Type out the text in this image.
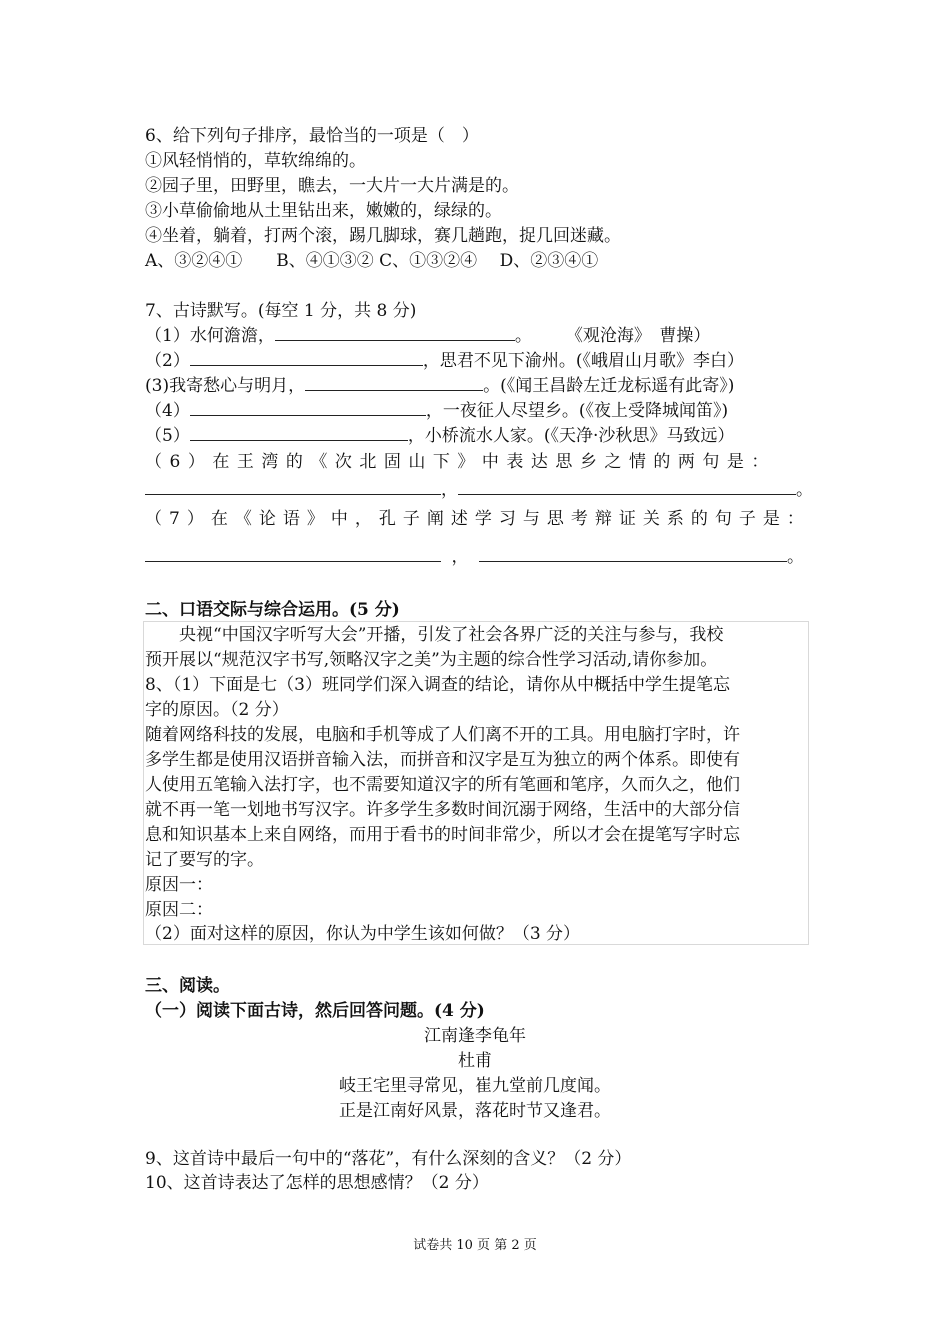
6、给下列句子排序，最恰当的一项是（　）
①风轻悄悄的，草软绵绵的。
②园子里，田野里，瞧去，一大片一大片满是的。
③小草偷偷地从土里钻出来，嫩嫩的，绿绿的。
④坐着，躺着，打两个滚，踢几脚球，赛几趟跑，捉几回迷藏。
A、③②④①　　B、④①③② C、①③②④　 D、②③④①
7、古诗默写。(每空 1 分，共 8 分)
（1）水何澹澹，	。　　　《观沧海》　曹操）
（2）	，思君不见下渝州。(《峨眉山月歌》李白）
(3)我寄愁心与明月，	。(《闻王昌龄左迁龙标遥有此寄》)
（4）	，一夜征人尽望乡。(《夜上受降城闻笛》)
（5）	，小桥流水人家。(《天净·沙秋思》马致远）
（6）在王湾的《次北固山下》中表达思乡之情的两句是：
，	。
（7）在《论语》中，孔子阐述学习与思考辩证关系的句子是：
，	。
二、口语交际与综合运用。(5 分)
　　央视“中国汉字听写大会”开播，引发了社会各界广泛的关注与参与，我校
预开展以“规范汉字书写,领略汉字之美”为主题的综合性学习活动,请你参加。
8、（1）下面是七（3）班同学们深入调查的结论，请你从中概括中学生提笔忘
字的原因。（2 分）
随着网络科技的发展，电脑和手机等成了人们离不开的工具。用电脑打字时，许
多学生都是使用汉语拼音输入法，而拼音和汉字是互为独立的两个体系。即使有
人使用五笔输入法打字，也不需要知道汉字的所有笔画和笔序，久而久之，他们
就不再一笔一划地书写汉字。许多学生多数时间沉溺于网络，生活中的大部分信
息和知识基本上来自网络，而用于看书的时间非常少，所以才会在提笔写字时忘
记了要写的字。
原因一：
原因二：
（2）面对这样的原因，你认为中学生该如何做？（3 分）
三、阅读。
（一）阅读下面古诗，然后回答问题。(4 分)
江南逢李龟年
杜甫
岐王宅里寻常见，崔九堂前几度闻。
正是江南好风景，落花时节又逢君。
9、这首诗中最后一句中的“落花”，有什么深刻的含义？（2 分）
10、这首诗表达了怎样的思想感情？（2 分）
试卷共 10 页 第 2 页
